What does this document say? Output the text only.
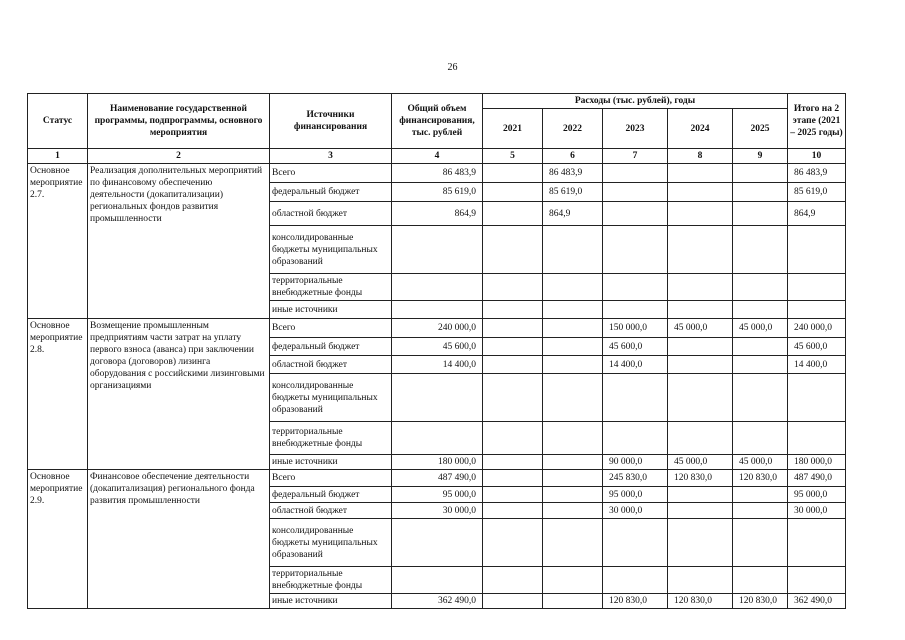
26
Статус	Наименование государственной программы, подпрограммы, основного мероприятия	Источники финансирования	Общий объем финансирования, тыс. рублей	Расходы (тыс. рублей), годы					Итого на 2 этапе (2021 – 2025 годы)
				2021	2022	2023	2024	2025	
1	2	3	4	5	6	7	8	9	10
Основное мероприятие 2.7.	Реализация дополнительных мероприятий по финансовому обеспечению деятельности (докапитализации) региональных фондов развития промышленности	Всего	86 483,9		86 483,9				86 483,9
		федеральный бюджет	85 619,0		85 619,0				85 619,0
		областной бюджет	864,9		864,9				864,9
		консолидированные бюджеты муниципальных образований							
		территориальные внебюджетные фонды							
		иные источники							
Основное мероприятие 2.8.	Возмещение промышленным предприятиям части затрат на уплату первого взноса (аванса) при заключении договора (договоров) лизинга оборудования с российскими лизинговыми организациями	Всего	240 000,0			150 000,0	45 000,0	45 000,0	240 000,0
		федеральный бюджет	45 600,0			45 600,0			45 600,0
		областной бюджет	14 400,0			14 400,0			14 400,0
		консолидированные бюджеты муниципальных образований							
		территориальные внебюджетные фонды							
		иные источники	180 000,0			90 000,0	45 000,0	45 000,0	180 000,0
Основное мероприятие 2.9.	Финансовое обеспечение деятельности (докапитализация) регионального фонда развития промышленности	Всего	487 490,0			245 830,0	120 830,0	120 830,0	487 490,0
		федеральный бюджет	95 000,0			95 000,0			95 000,0
		областной бюджет	30 000,0			30 000,0			30 000,0
		консолидированные бюджеты муниципальных образований							
		территориальные внебюджетные фонды							
		иные источники	362 490,0			120 830,0	120 830,0	120 830,0	362 490,0
